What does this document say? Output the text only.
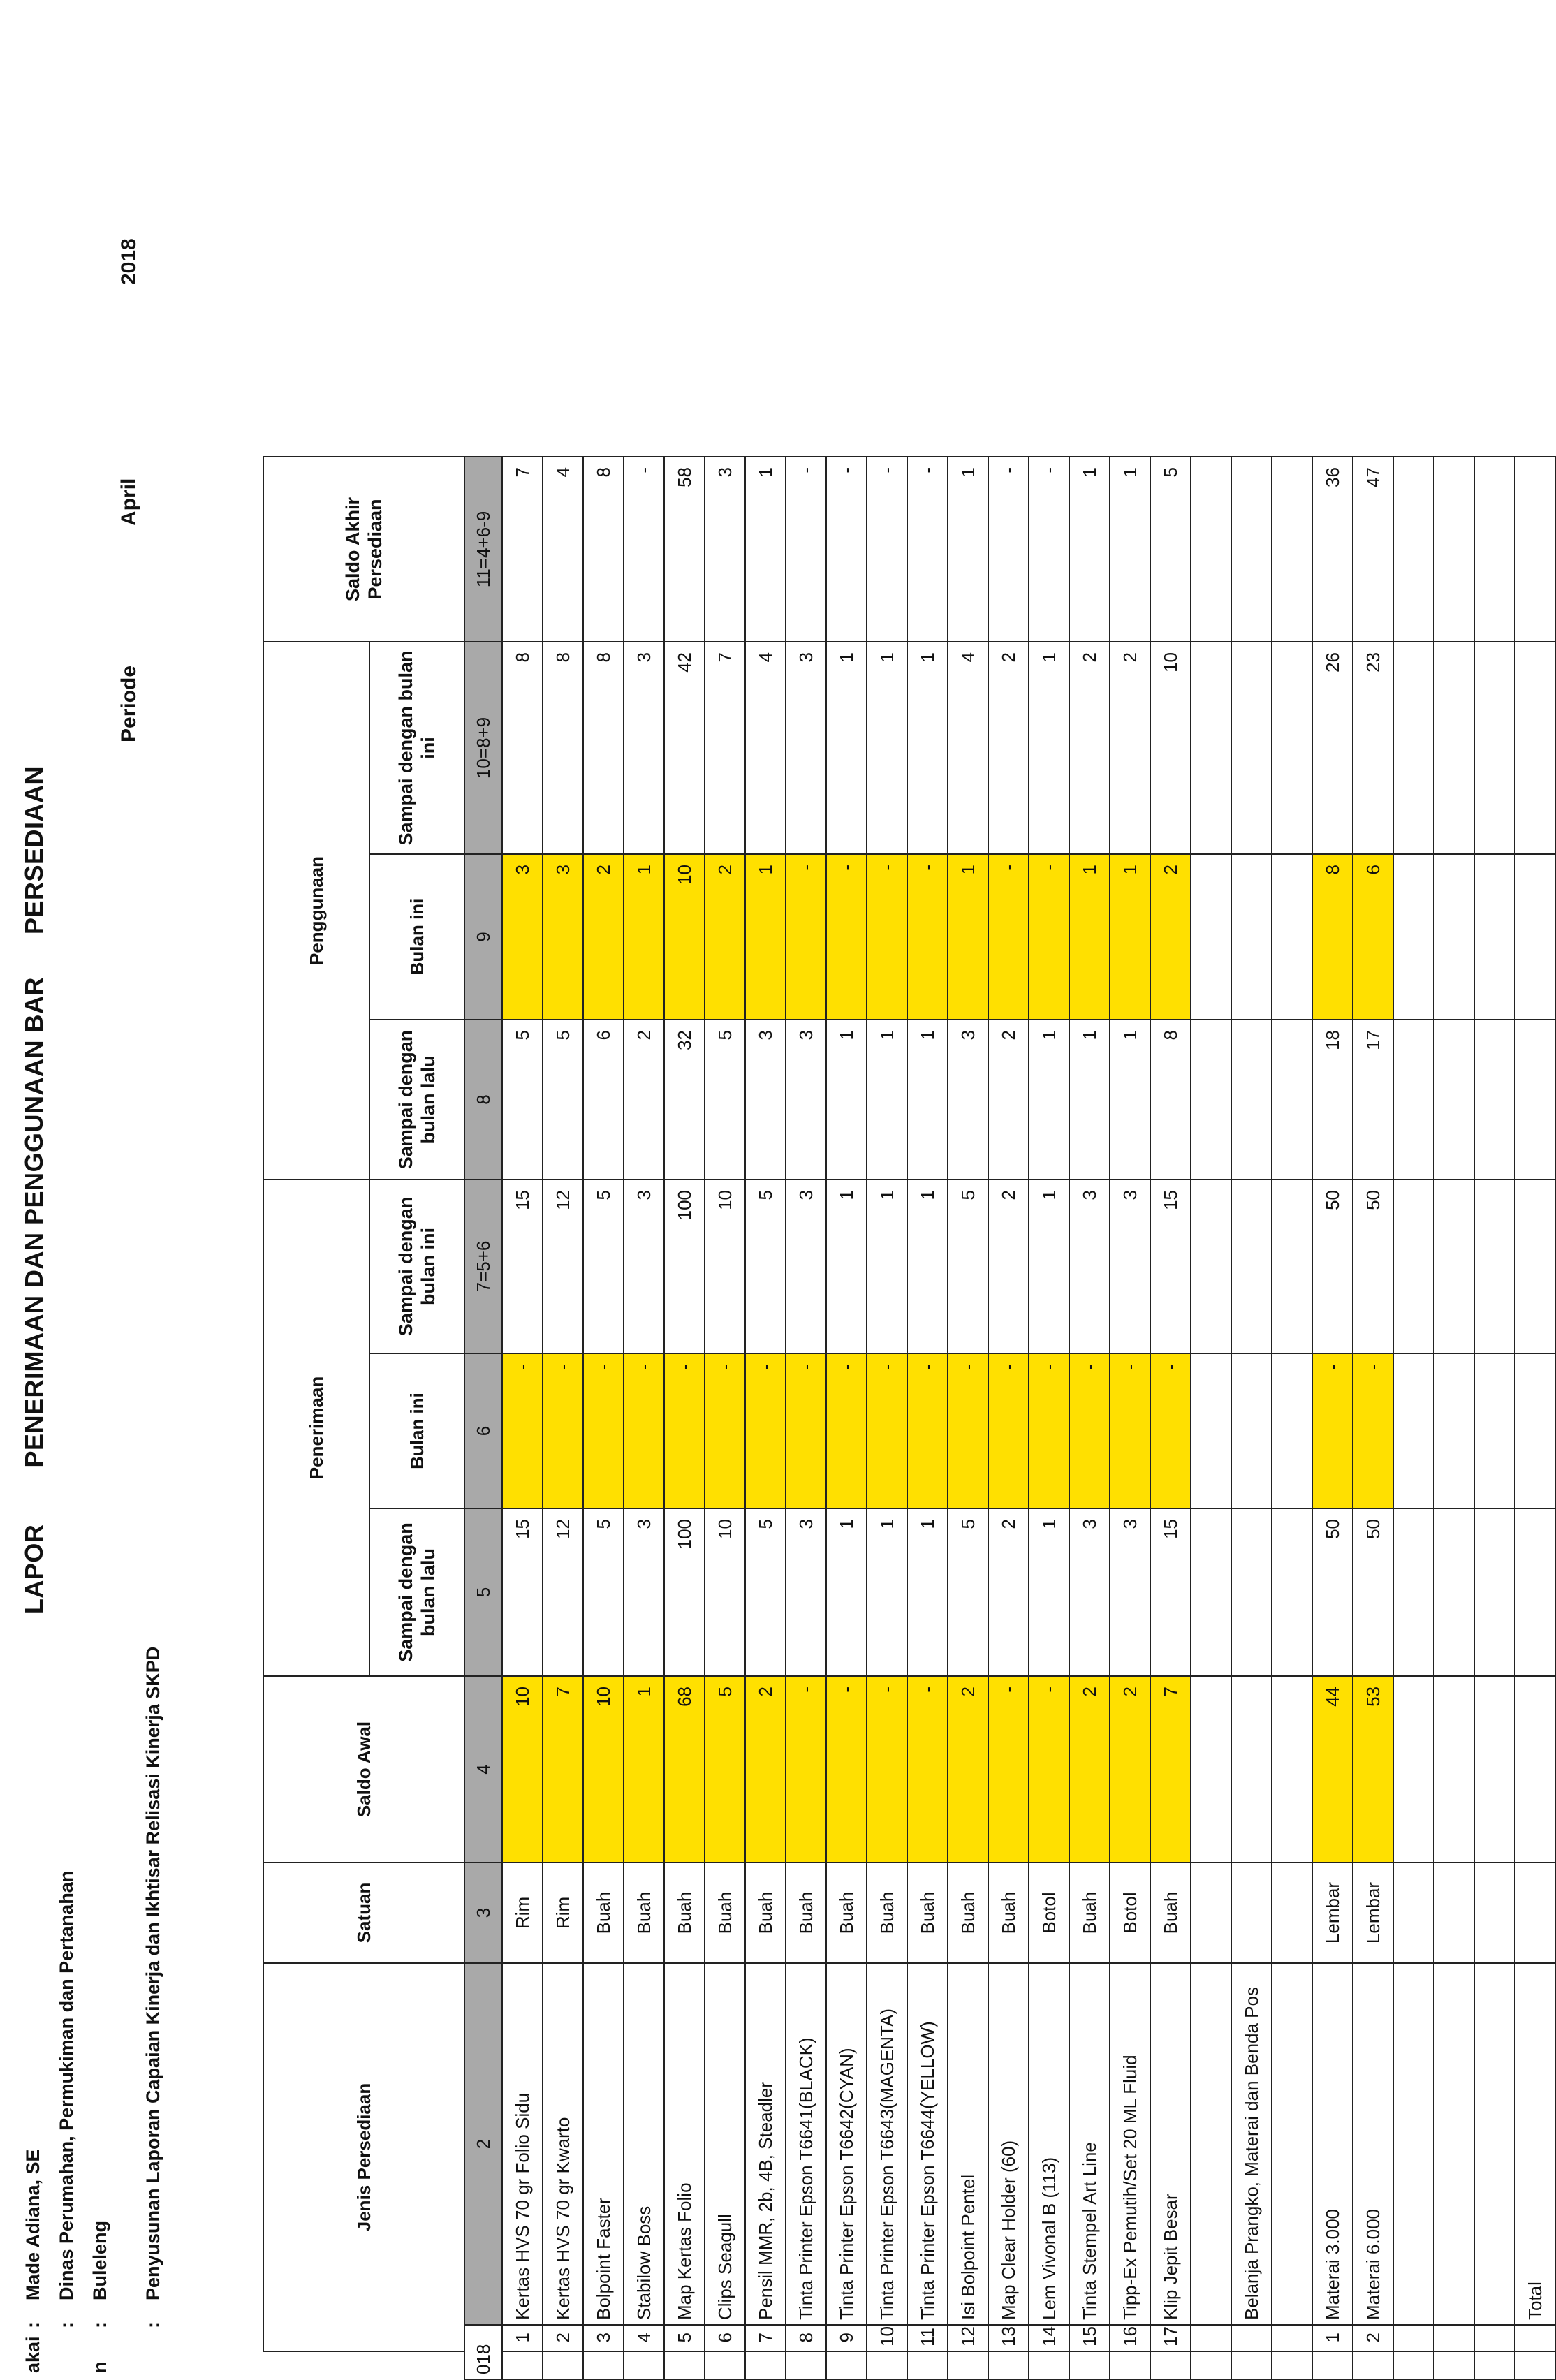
LAPOR  PENERIMAAN DAN PENGGUNAAN BAR  PERSEDIAAN
akai:Made Adiana, SE
:Dinas Perumahan, Permukiman dan Pertanahan
n:Buleleng
:Penyusunan Laporan Capaian Kinerja dan Ikhtisar Relisasi Kinerja SKPD
Periode
April
2018
	Jenis Persediaan		Satuan	Saldo Awal	Penerimaan			Penggunaan			Saldo Akhir Persediaan	
					Sampai dengan bulan lalu	Bulan ini	Sampai dengan bulan ini	Sampai dengan bulan lalu	Bulan ini	Sampai dengan bulan ini		
018		2	3	4	5	6	7=5+6	8	9	10=8+9	11=4+6-9	
	1	Kertas HVS 70 gr Folio Sidu	Rim	10	15	-	15	5	3	8	7	
	2	Kertas HVS 70 gr Kwarto	Rim	7	12	-	12	5	3	8	4	
	3	Bolpoint Faster	Buah	10	5	-	5	6	2	8	8	
	4	Stabilow Boss	Buah	1	3	-	3	2	1	3	-	
	5	Map Kertas Folio	Buah	68	100	-	100	32	10	42	58	
	6	Clips Seagull	Buah	5	10	-	10	5	2	7	3	
	7	Pensil MMR, 2b, 4B, Steadler	Buah	2	5	-	5	3	1	4	1	
	8	Tinta Printer Epson T6641(BLACK)	Buah	-	3	-	3	3	-	3	-	
	9	Tinta Printer Epson T6642(CYAN)	Buah	-	1	-	1	1	-	1	-	
	10	Tinta Printer Epson T6643(MAGENTA)	Buah	-	1	-	1	1	-	1	-	
	11	Tinta Printer Epson T6644(YELLOW)	Buah	-	1	-	1	1	-	1	-	
	12	Isi Bolpoint Pentel	Buah	2	5	-	5	3	1	4	1	
	13	Map Clear Holder (60)	Buah	-	2	-	2	2	-	2	-	
	14	Lem Vivonal B (113)	Botol	-	1	-	1	1	-	1	-	
	15	Tinta Stempel Art Line	Buah	2	3	-	3	1	1	2	1	
	16	Tipp-Ex Pemutih/Set 20 ML Fluid	Botol	2	3	-	3	1	1	2	1	
	17	Klip Jepit Besar	Buah	7	15	-	15	8	2	10	5	

		Belanja Prangko, Materai dan Benda Pos										

	1	Materai 3.000	Lembar	44	50	-	50	18	8	26	36	
	2	Materai 6.000	Lembar	53	50	-	50	17	6	23	47	

		Total										
